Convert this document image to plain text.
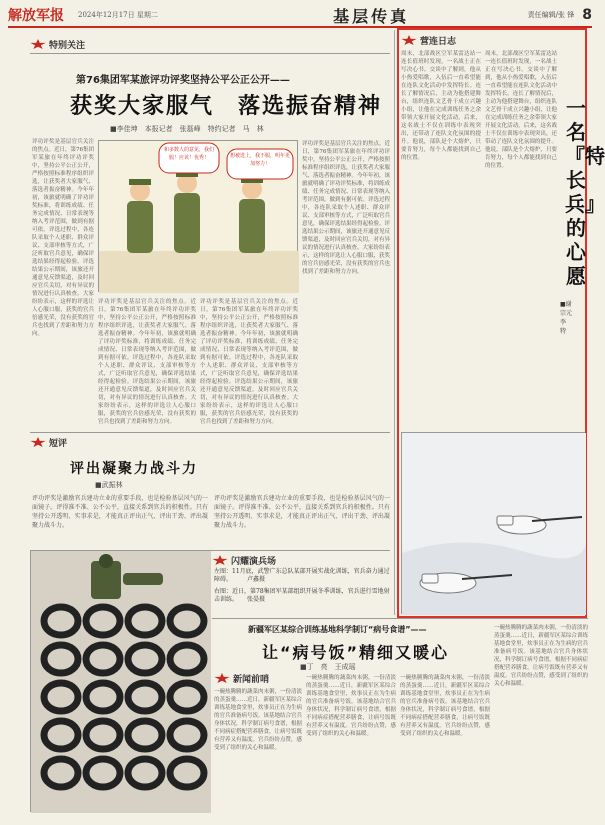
解放军报	2024年12月17日 星期二	基层传真	责任编辑/张 锋 8
特别关注
第76集团军某旅评功评奖坚持公平公正公开——
获奖大家服气　落选振奋精神
■李佳坤　本报记者　张磊峰　特约记者　马　林
评功评奖是基层官兵关注的焦点。近日，第76集团军某旅在年终评功评奖中，坚持公平公正公开，严格按照标准程序组织评选，让获奖者大家服气、落选者振奋精神。今年年初，该旅就明确了评功评奖标准，将训练成绩、任务完成情况、日常表现等纳入考评范围，做到有据可依。评选过程中，各连队采取个人述职、群众评议、支部审核等方式，广泛听取官兵意见，确保评选结果经得起检验。评选结果公示期间，该旅还开通意见反馈渠道，及时回应官兵关切，对有异议的情况进行认真核查。大家纷纷表示，这样的评选让人心服口服，获奖的官兵倍感光荣，没有获奖的官兵也找到了差距和努力方向。
和多数人的意见，我们服！应该！优秀！	想被选上，我不服，明年更加努力！
评功评奖是基层官兵关注的焦点。近日，第76集团军某旅在年终评功评奖中，坚持公平公正公开，严格按照标准程序组织评选，让获奖者大家服气、落选者振奋精神。今年年初，该旅就明确了评功评奖标准，将训练成绩、任务完成情况、日常表现等纳入考评范围，做到有据可依。评选过程中，各连队采取个人述职、群众评议、支部审核等方式，广泛听取官兵意见，确保评选结果经得起检验。评选结果公示期间，该旅还开通意见反馈渠道，及时回应官兵关切，对有异议的情况进行认真核查。大家纷纷表示，这样的评选让人心服口服，获奖的官兵倍感光荣，没有获奖的官兵也找到了差距和努力方向。
评功评奖是基层官兵关注的焦点。近日，第76集团军某旅在年终评功评奖中，坚持公平公正公开，严格按照标准程序组织评选，让获奖者大家服气、落选者振奋精神。今年年初，该旅就明确了评功评奖标准，将训练成绩、任务完成情况、日常表现等纳入考评范围，做到有据可依。评选过程中，各连队采取个人述职、群众评议、支部审核等方式，广泛听取官兵意见，确保评选结果经得起检验。评选结果公示期间，该旅还开通意见反馈渠道，及时回应官兵关切，对有异议的情况进行认真核查。大家纷纷表示，这样的评选让人心服口服，获奖的官兵倍感光荣，没有获奖的官兵也找到了差距和努力方向。
评功评奖是基层官兵关注的焦点。近日，第76集团军某旅在年终评功评奖中，坚持公平公正公开，严格按照标准程序组织评选，让获奖者大家服气、落选者振奋精神。今年年初，该旅就明确了评功评奖标准，将训练成绩、任务完成情况、日常表现等纳入考评范围，做到有据可依。评选过程中，各连队采取个人述职、群众评议、支部审核等方式，广泛听取官兵意见，确保评选结果经得起检验。评选结果公示期间，该旅还开通意见反馈渠道，及时回应官兵关切，对有异议的情况进行认真核查。大家纷纷表示，这样的评选让人心服口服，获奖的官兵倍感光荣，没有获奖的官兵也找到了差距和努力方向。
短评
评出凝聚力战斗力
■武振林
评功评奖是激励官兵建功立业的重要手段，也是检验基层风气的一面镜子。评得准不准、公不公平，直接关系到官兵的积极性。只有坚持公开透明、实事求是，才能真正评出正气、评出干劲、评出凝聚力战斗力。
评功评奖是激励官兵建功立业的重要手段，也是检验基层风气的一面镜子。评得准不准、公不公平，直接关系到官兵的积极性。只有坚持公开透明、实事求是，才能真正评出正气、评出干劲、评出凝聚力战斗力。
闪耀演兵场
左图：11月底，武警广东总队某部开展实战化训练，官兵奋力通过障碍。　　　卢鑫摄
右图：近日，第78集团军某部组织开展冬季训练，官兵进行雪地射击训练。　　张晏摄
新疆军区某综合训练基地科学制订“病号食谱”——
让“病号饭”精细又暖心
■丁　亮　王成瑶
新闻前哨
一碗热腾腾的蔬菜肉末粥，一份清淡的蒸蛋羹……近日，新疆军区某综合训练基地食堂里，炊事员正在为生病的官兵准备病号饭。该基地结合官兵身体状况，科学制订病号食谱，根据不同病症搭配营养膳食，让病号饭既有营养又有温度。官兵纷纷点赞，感受到了组织的关心和温暖。
一碗热腾腾的蔬菜肉末粥，一份清淡的蒸蛋羹……近日，新疆军区某综合训练基地食堂里，炊事员正在为生病的官兵准备病号饭。该基地结合官兵身体状况，科学制订病号食谱，根据不同病症搭配营养膳食，让病号饭既有营养又有温度。官兵纷纷点赞，感受到了组织的关心和温暖。
一碗热腾腾的蔬菜肉末粥，一份清淡的蒸蛋羹……近日，新疆军区某综合训练基地食堂里，炊事员正在为生病的官兵准备病号饭。该基地结合官兵身体状况，科学制订病号食谱，根据不同病症搭配营养膳食，让病号饭既有营养又有温度。官兵纷纷点赞，感受到了组织的关心和温暖。
一碗热腾腾的蔬菜肉末粥，一份清淡的蒸蛋羹……近日，新疆军区某综合训练基地食堂里，炊事员正在为生病的官兵准备病号饭。该基地结合官兵身体状况，科学制订病号食谱，根据不同病症搭配营养膳食，让病号饭既有营养又有温度。官兵纷纷点赞，感受到了组织的关心和温暖。
营连日志
周末，北部战区空军某雷达站一连长值班时发现，一名战士正在写决心书。交谈中了解到，他从小热爱唱歌，入伍后一直希望能在连队文化活动中发挥特长。连长了解情况后，主动为他搭建舞台，组织连队文艺骨干成立兴趣小组，让他在完成训练任务之余带领大家开展文化活动。后来，这名战士不仅在训练中表现突出，还带动了连队文化氛围的提升。他说，部队是个大熔炉，只要肯努力，每个人都能找到自己的位置。
周末，北部战区空军某雷达站一连长值班时发现，一名战士正在写决心书。交谈中了解到，他从小热爱唱歌，入伍后一直希望能在连队文化活动中发挥特长。连长了解情况后，主动为他搭建舞台，组织连队文艺骨干成立兴趣小组，让他在完成训练任务之余带领大家开展文化活动。后来，这名战士不仅在训练中表现突出，还带动了连队文化氛围的提升。他说，部队是个大熔炉，只要肯努力，每个人都能找到自己的位置。
一名『特长兵』的心愿
■谢宗元　李　特
